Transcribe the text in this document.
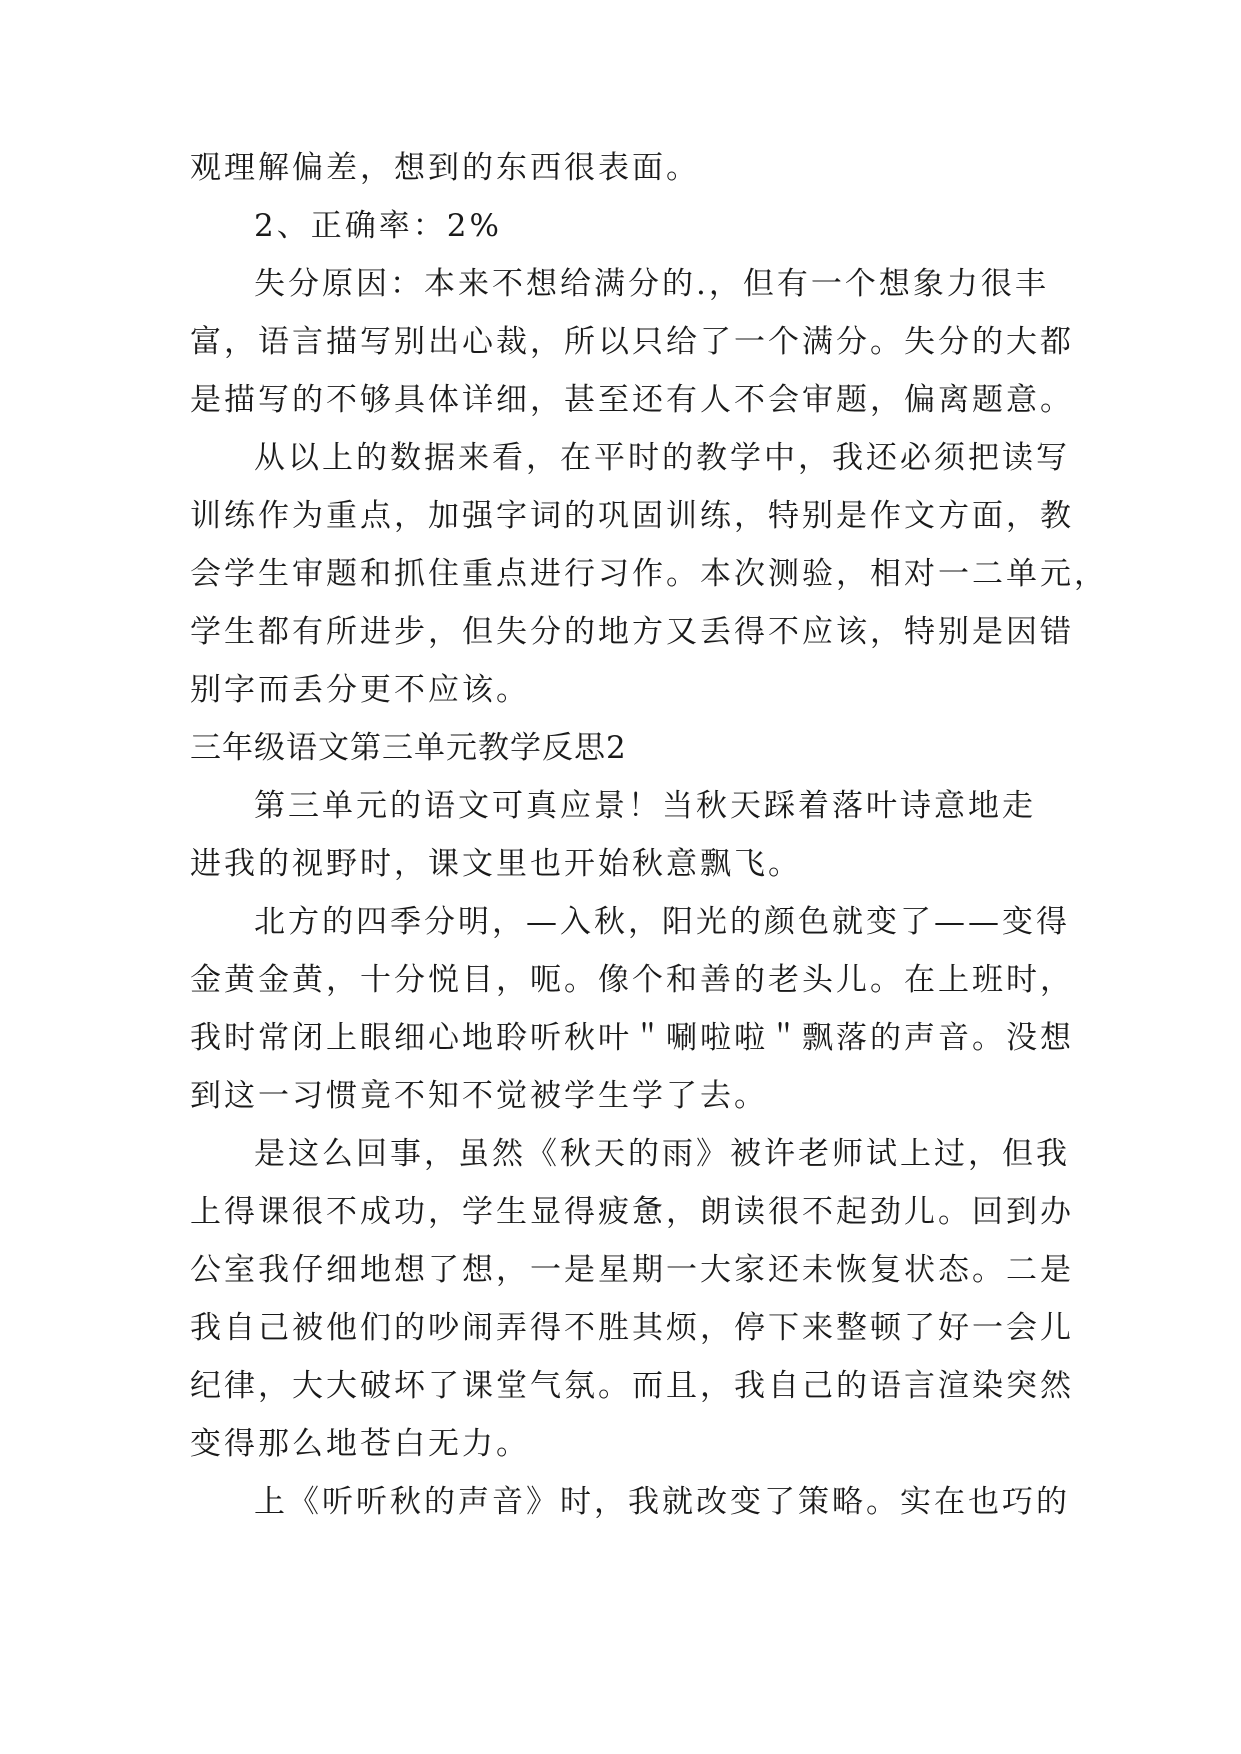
观理解偏差，想到的东西很表面。
2、正确率：2%
失分原因：本来不想给满分的.，但有一个想象力很丰
富，语言描写别出心裁，所以只给了一个满分。失分的大都
是描写的不够具体详细，甚至还有人不会审题，偏离题意。
从以上的数据来看，在平时的教学中，我还必须把读写
训练作为重点，加强字词的巩固训练，特别是作文方面，教
会学生审题和抓住重点进行习作。本次测验，相对一二单元，
学生都有所进步，但失分的地方又丢得不应该，特别是因错
别字而丢分更不应该。
三年级语文第三单元教学反思2
第三单元的语文可真应景！当秋天踩着落叶诗意地走
进我的视野时，课文里也开始秋意飘飞。
北方的四季分明，—入秋，阳光的颜色就变了——变得
金黄金黄，十分悦目，呃。像个和善的老头儿。在上班时，
我时常闭上眼细心地聆听秋叶＂唰啦啦＂飘落的声音。没想
到这一习惯竟不知不觉被学生学了去。
是这么回事，虽然《秋天的雨》被许老师试上过，但我
上得课很不成功，学生显得疲惫，朗读很不起劲儿。回到办
公室我仔细地想了想，一是星期一大家还未恢复状态。二是
我自己被他们的吵闹弄得不胜其烦，停下来整顿了好一会儿
纪律，大大破坏了课堂气氛。而且，我自己的语言渲染突然
变得那么地苍白无力。
上《听听秋的声音》时，我就改变了策略。实在也巧的
